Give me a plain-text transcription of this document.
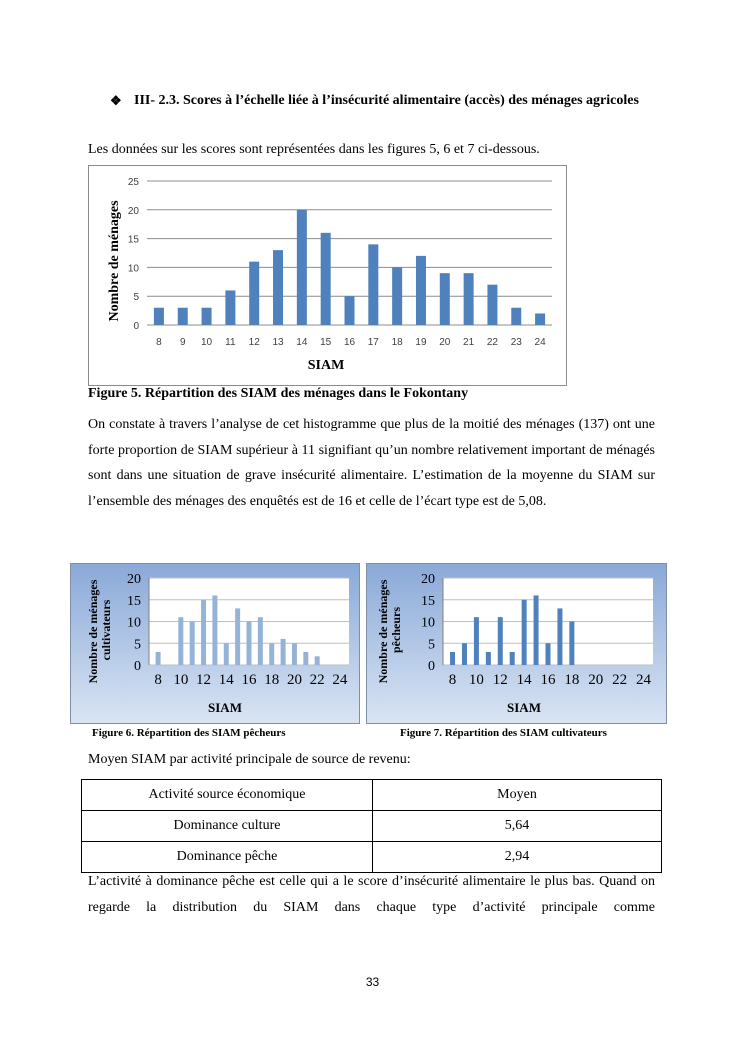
❖ III- 2.3. Scores à l’échelle liée à l’insécurité alimentaire (accès) des ménages agricoles
Les données sur les scores sont représentées dans les figures 5, 6 et 7 ci-dessous.
0
5
10
15
20
25
8 9 10 11 12 13 14 15 16 17 18 19 20 21 22 23 24
Nombre de ménages
SIAM
Figure 5. Répartition des SIAM des ménages dans le Fokontany
On constate à travers l’analyse de cet histogramme que plus de la moitié des ménages (137) ont une forte proportion de SIAM supérieur à 11 signifiant qu’un nombre relativement important de ménagés sont dans une situation de grave insécurité alimentaire. L’estimation de la moyenne du SIAM sur l’ensemble des ménages des enquêtés est de 16 et celle de l’écart type est de 5,08.
0
5
10
15
20
8 10 12 14 16 18 20 22 24
Nombre de ménages cultivateurs
SIAM
0
5
10
15
20
8 10 12 14 16 18 20 22 24
Nombre de ménages pêcheurs
SIAM
Figure 6. Répartition des SIAM pêcheurs	Figure 7. Répartition des SIAM cultivateurs
Moyen SIAM par activité principale de source de revenu:
Activité source économique	Moyen
Dominance culture	5,64
Dominance pêche	2,94
L’activité à dominance pêche est celle qui a le score d’insécurité alimentaire le plus bas. Quand on regarde la distribution du SIAM dans chaque type d’activité principale comme
33
